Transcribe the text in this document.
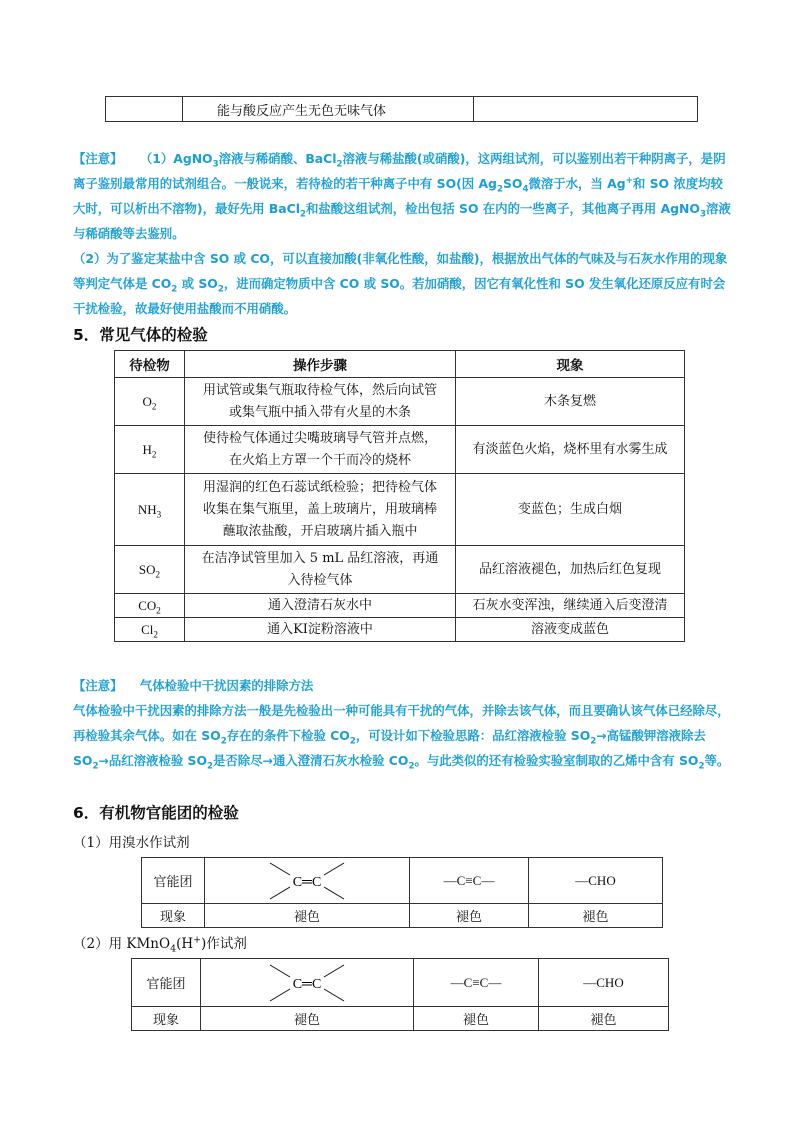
	能与酸反应产生无色无味气体	

【注意】 （1）AgNO$_3$溶液与稀硝酸、BaCl$_2$溶液与稀盐酸(或硝酸)，这两组试剂，可以鉴别出若干种阴离子，是阴离子鉴别最常用的试剂组合。一般说来，若待检的若干种离子中有 SO(因 $Ag_2SO_4$微溶于水，当 Ag+和 SO 浓度均较大时，可以析出不溶物)，最好先用 BaCl$_2$和盐酸这组试剂，检出包括 SO 在内的一些离子，其他离子再用 AgNO$_3$溶液与稀硝酸等去鉴别。

（2）为了鉴定某盐中含 SO 或 CO，可以直接加酸(非氧化性酸，如盐酸)，根据放出气体的气味及与石灰水作用的现象等判定气体是 $CO_2$ 或 $SO_2$，进而确定物质中含 CO 或 SO。若加硝酸，因它有氧化性和 SO 发生氧化还原反应有时会干扰检验，故最好使用盐酸而不用硝酸。

5．常见气体的检验
待检物	操作步骤	现象
$O_2$	用试管或集气瓶取待检气体，然后向试管
或集气瓶中插入带有火星的木条	木条复燃
$H_2$	使待检气体通过尖嘴玻璃导气管并点燃，
在火焰上方罩一个干而冷的烧杯	有淡蓝色火焰，烧杯里有水雾生成
$NH_3$	用湿润的红色石蕊试纸检验；把待检气体
收集在集气瓶里，盖上玻璃片，用玻璃棒
蘸取浓盐酸，开启玻璃片插入瓶中	变蓝色；生成白烟
$SO_2$	在洁净试管里加入 5 mL 品红溶液，再通
入待检气体	品红溶液褪色，加热后红色复现
$CO_2$	通入澄清石灰水中	石灰水变浑浊，继续通入后变澄清
$Cl_2$	通入KI淀粉溶液中	溶液变成蓝色

【注意】 气体检验中干扰因素的排除方法

气体检验中干扰因素的排除方法一般是先检验出一种可能具有干扰的气体，并除去该气体，而且要确认该气体已经除尽，再检验其余气体。如在 $SO_2$存在的条件下检验 $CO_2$，可设计如下检验思路：品红溶液检验 $SO_2\to$高锰酸钾溶液除去 $SO_2\to$品红溶液检验 $SO_2$是否除尽→通入澄清石灰水检验 $CO_2$。与此类似的还有检验实验室制取的乙烯中含有 $SO_2$等。

6．有机物官能团的检验
（1）用溴水作试剂
官能团	C═C	—C≡C—	—CHO
现象	褪色	褪色	褪色
（2）用 KMnO$_4$(H+)作试剂
官能团	C═C	—C≡C—	—CHO
现象	褪色	褪色	褪色
